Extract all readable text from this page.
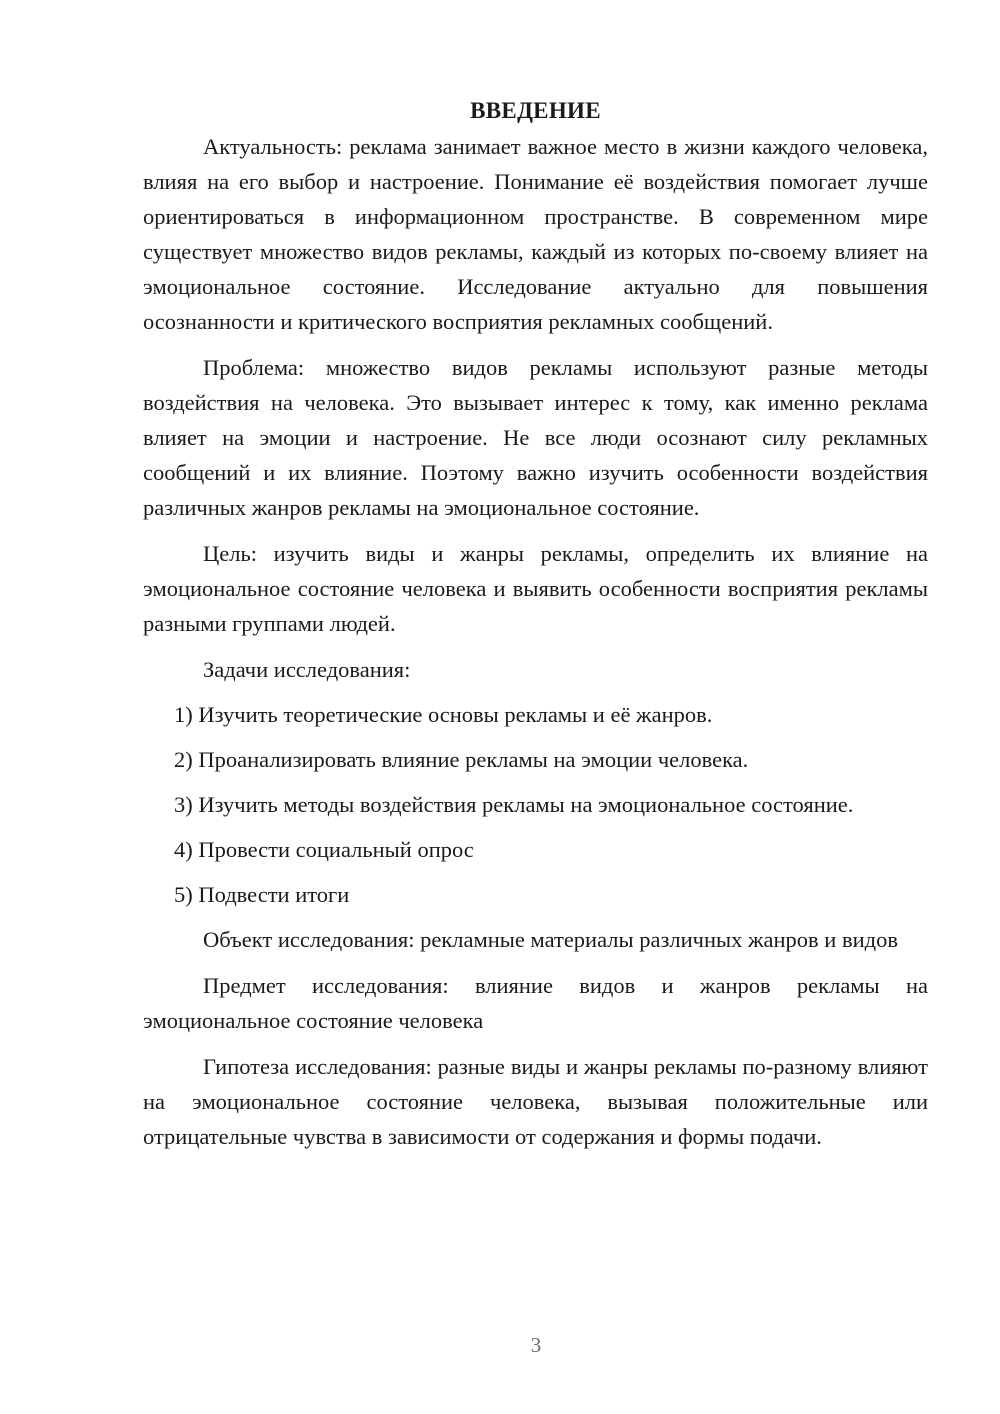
ВВЕДЕНИЕ

Актуальность: реклама занимает важное место в жизни каждого человека, влияя на его выбор и настроение. Понимание её воздействия помогает лучше ориентироваться в информационном пространстве. В современном мире существует множество видов рекламы, каждый из которых по-своему влияет на эмоциональное состояние. Исследование актуально для повышения осознанности и критического восприятия рекламных сообщений.

Проблема: множество видов рекламы используют разные методы воздействия на человека. Это вызывает интерес к тому, как именно реклама влияет на эмоции и настроение. Не все люди осознают силу рекламных сообщений и их влияние. Поэтому важно изучить особенности воздействия различных жанров рекламы на эмоциональное состояние.

Цель: изучить виды и жанры рекламы, определить их влияние на эмоциональное состояние человека и выявить особенности восприятия рекламы разными группами людей.

Задачи исследования:
1) Изучить теоретические основы рекламы и её жанров.
2) Проанализировать влияние рекламы на эмоции человека.
3) Изучить методы воздействия рекламы на эмоциональное состояние.
4) Провести социальный опрос
5) Подвести итоги

Объект исследования: рекламные материалы различных жанров и видов

Предмет исследования: влияние видов и жанров рекламы на эмоциональное состояние человека

Гипотеза исследования: разные виды и жанры рекламы по-разному влияют на эмоциональное состояние человека, вызывая положительные или отрицательные чувства в зависимости от содержания и формы подачи.

3
